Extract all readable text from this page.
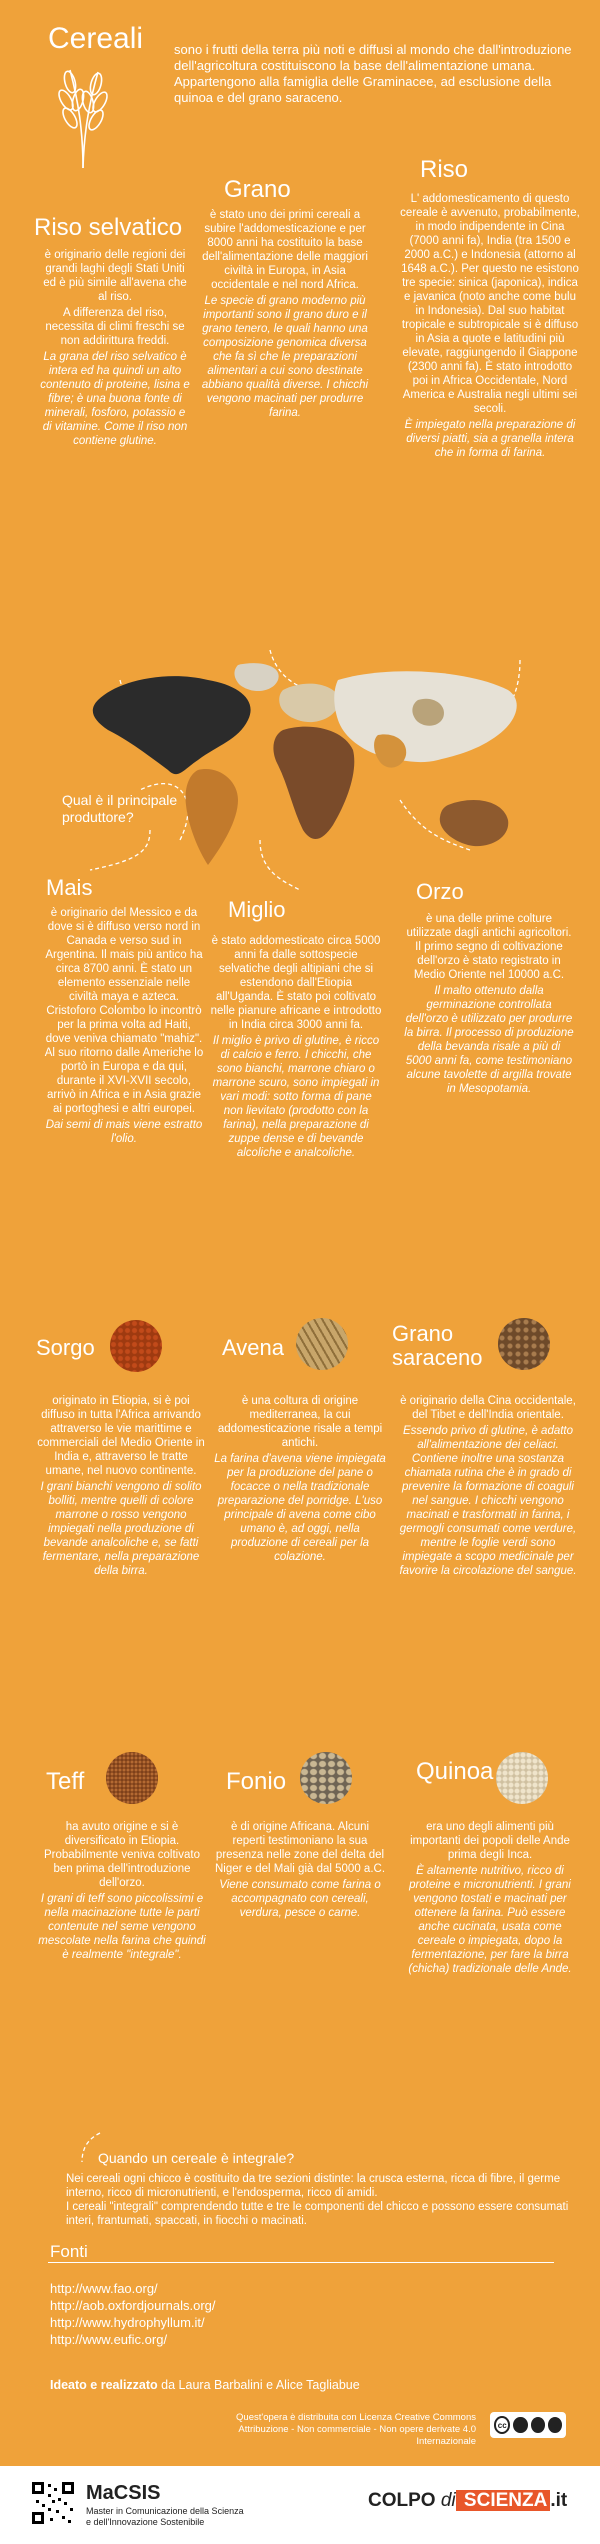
Cereali sono i frutti della terra più noti e diffusi al mondo che dall'introduzione dell'agricoltura costituiscono la base dell'alimentazione umana. Appartengono alla famiglia delle Graminacee, ad esclusione della quinoa e del grano saraceno.
Riso selvatico

è originario delle regioni dei grandi laghi degli Stati Uniti ed è più simile all'avena che al riso.

A differenza del riso, necessita di climi freschi se non addirittura freddi.

La grana del riso selvatico è intera ed ha quindi un alto contenuto di proteine, lisina e fibre; è una buona fonte di minerali, fosforo, potassio e di vitamine. Come il riso non contiene glutine.

Grano

è stato uno dei primi cereali a subire l'addomesticazione e per 8000 anni ha costituito la base dell'alimentazione delle maggiori civiltà in Europa, in Asia occidentale e nel nord Africa.

Le specie di grano moderno più importanti sono il grano duro e il grano tenero, le quali hanno una composizione genomica diversa che fa sì che le preparazioni alimentari a cui sono destinate abbiano qualità diverse. I chicchi vengono macinati per produrre farina.

Riso

L' addomesticamento di questo cereale è avvenuto, probabilmente, in modo indipendente in Cina (7000 anni fa), India (tra 1500 e 2000 a.C.) e Indonesia (attorno al 1648 a.C.). Per questo ne esistono tre specie: sinica (japonica), indica e javanica (noto anche come bulu in Indonesia). Dal suo habitat tropicale e subtropicale si è diffuso in Asia a quote e latitudini più elevate, raggiungendo il Giappone (2300 anni fa). È stato introdotto poi in Africa Occidentale, Nord America e Australia negli ultimi sei secoli.

È impiegato nella preparazione di diversi piatti, sia a granella intera che in forma di farina.

Qual è il principale produttore?
Mais

è originario del Messico e da dove si è diffuso verso nord in Canada e verso sud in Argentina. Il mais più antico ha circa 8700 anni. È stato un elemento essenziale nelle civiltà maya e azteca. Cristoforo Colombo lo incontrò per la prima volta ad Haiti, dove veniva chiamato "mahiz". Al suo ritorno dalle Americhe lo portò in Europa e da qui, durante il XVI-XVII secolo, arrivò in Africa e in Asia grazie ai portoghesi e altri europei.

Dai semi di mais viene estratto l'olio.

Miglio

è stato addomesticato circa 5000 anni fa dalle sottospecie selvatiche degli altipiani che si estendono dall'Etiopia all'Uganda. È stato poi coltivato nelle pianure africane e introdotto in India circa 3000 anni fa.

Il miglio è privo di glutine, è ricco di calcio e ferro. I chicchi, che sono bianchi, marrone chiaro o marrone scuro, sono impiegati in vari modi: sotto forma di pane non lievitato (prodotto con la farina), nella preparazione di zuppe dense e di bevande alcoliche e analcoliche.

Orzo

è una delle prime colture utilizzate dagli antichi agricoltori. Il primo segno di coltivazione dell'orzo è stato registrato in Medio Oriente nel 10000 a.C.

Il malto ottenuto dalla germinazione controllata dell'orzo è utilizzato per produrre la birra. Il processo di produzione della bevanda risale a più di 5000 anni fa, come testimoniano alcune tavolette di argilla trovate in Mesopotamia.

Sorgo

originato in Etiopia, si è poi diffuso in tutta l'Africa arrivando attraverso le vie marittime e commerciali del Medio Oriente in India e, attraverso le tratte umane, nel nuovo continente.

I grani bianchi vengono di solito bolliti, mentre quelli di colore marrone o rosso vengono impiegati nella produzione di bevande analcoliche e, se fatti fermentare, nella preparazione della birra.

Avena

è una coltura di origine mediterranea, la cui addomesticazione risale a tempi antichi.

La farina d'avena viene impiegata per la produzione del pane o focacce o nella tradizionale preparazione del porridge. L'uso principale di avena come cibo umano è, ad oggi, nella produzione di cereali per la colazione.

Grano
saraceno

è originario della Cina occidentale, del Tibet e dell'India orientale.

Essendo privo di glutine, è adatto all'alimentazione dei celiaci. Contiene inoltre una sostanza chiamata rutina che è in grado di prevenire la formazione di coaguli nel sangue. I chicchi vengono macinati e trasformati in farina, i germogli consumati come verdure, mentre le foglie verdi sono impiegate a scopo medicinale per favorire la circolazione del sangue.

Teff

ha avuto origine e si è diversificato in Etiopia. Probabilmente veniva coltivato ben prima dell'introduzione dell'orzo.

I grani di teff sono piccolissimi e nella macinazione tutte le parti contenute nel seme vengono mescolate nella farina che quindi è realmente "integrale".

Fonio

è di origine Africana. Alcuni reperti testimoniano la sua presenza nelle zone del delta del Niger e del Mali già dal 5000 a.C.

Viene consumato come farina o accompagnato con cereali, verdura, pesce o carne.

Quinoa

era uno degli alimenti più importanti dei popoli delle Ande prima degli Inca.

È altamente nutritivo, ricco di proteine e micronutrienti. I grani vengono tostati e macinati per ottenere la farina. Può essere anche cucinata, usata come cereale o impiegata, dopo la fermentazione, per fare la birra (chicha) tradizionale delle Ande.

Quando un cereale è integrale?

Nei cereali ogni chicco è costituito da tre sezioni distinte: la crusca esterna, ricca di fibre, il germe interno, ricco di micronutrienti, e l'endosperma, ricco di amidi.

I cereali "integrali" comprendendo tutte e tre le componenti del chicco e possono essere consumati interi, frantumati, spaccati, in fiocchi o macinati.

Fonti
http://www.fao.org/
http://aob.oxfordjournals.org/
http://www.hydrophyllum.it/
http://www.eufic.org/
Ideato e realizzato da Laura Barbalini e Alice Tagliabue
Quest'opera è distribuita con Licenza Creative Commons
Attribuzione - Non commerciale - Non opere derivate 4.0 Internazionale
cc
MaCSIS
Master in Comunicazione della Scienza
e dell'Innovazione Sostenibile
COLPO di SCIENZA .it
